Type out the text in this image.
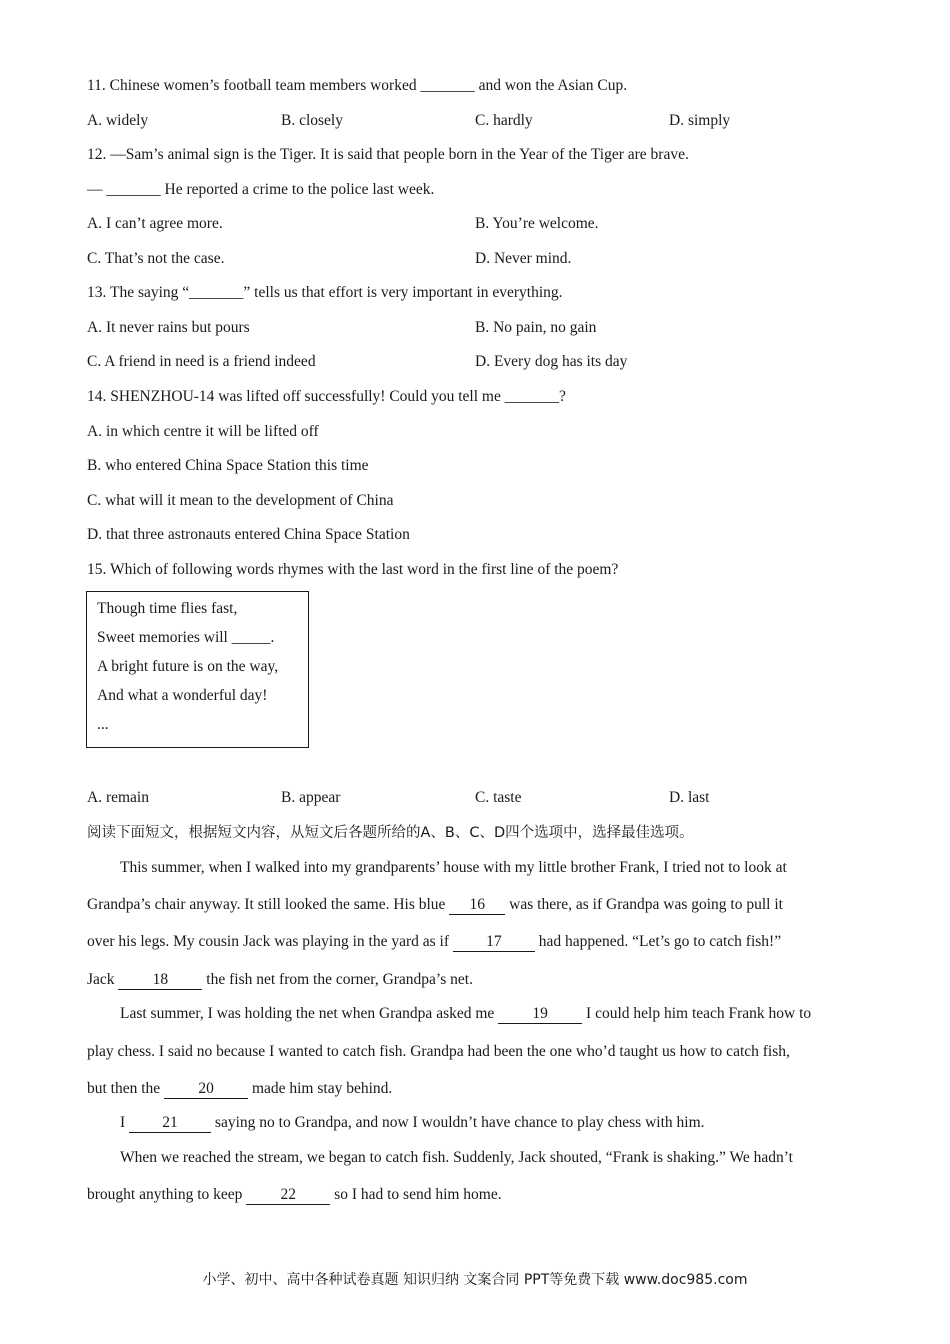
11. Chinese women’s football team members worked _______ and won the Asian Cup.
A. widely	B. closely	C. hardly	D. simply
12. —Sam’s animal sign is the Tiger. It is said that people born in the Year of the Tiger are brave.
— _______ He reported a crime to the police last week.
A. I can’t agree more.	B. You’re welcome.
C. That’s not the case.	D. Never mind.
13. The saying “_______” tells us that effort is very important in everything.
A. It never rains but pours	B. No pain, no gain
C. A friend in need is a friend indeed	D. Every dog has its day
14. SHENZHOU-14 was lifted off successfully! Could you tell me _______?
A. in which centre it will be lifted off
B. who entered China Space Station this time
C. what will it mean to the development of China
D. that three astronauts entered China Space Station
15. Which of following words rhymes with the last word in the first line of the poem?
Though time flies fast,
Sweet memories will _____.
A bright future is on the way,
And what a wonderful day!
...
A. remain	B. appear	C. taste	D. last
阅读下面短文，根据短文内容，从短文后各题所给的A、B、C、D四个选项中，选择最佳选项。
This summer, when I walked into my grandparents’ house with my little brother Frank, I tried not to look at
Grandpa’s chair anyway. It still looked the same. His blue 16 was there, as if Grandpa was going to pull it
over his legs. My cousin Jack was playing in the yard as if 17 had happened. “Let’s go to catch fish!”
Jack 18 the fish net from the corner, Grandpa’s net.
Last summer, I was holding the net when Grandpa asked me 19 I could help him teach Frank how to
play chess. I said no because I wanted to catch fish. Grandpa had been the one who’d taught us how to catch fish,
but then the 20 made him stay behind.
I 21 saying no to Grandpa, and now I wouldn’t have chance to play chess with him.
When we reached the stream, we began to catch fish. Suddenly, Jack shouted, “Frank is shaking.” We hadn’t
brought anything to keep 22 so I had to send him home.
小学、初中、高中各种试卷真题 知识归纳 文案合同 PPT等免费下载 www.doc985.com
